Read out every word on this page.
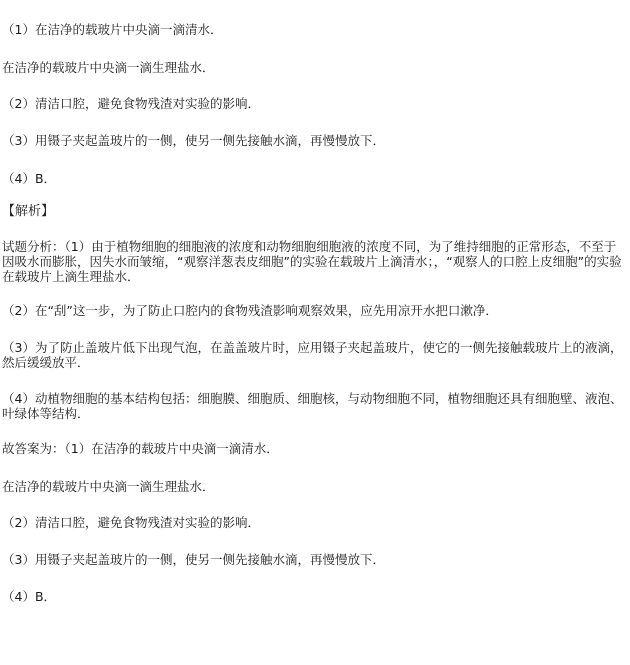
（1）在洁净的载玻片中央滴一滴清水．
在洁净的载玻片中央滴一滴生理盐水．
（2）清洁口腔，避免食物残渣对实验的影响．
（3）用镊子夹起盖玻片的一侧，使另一侧先接触水滴，再慢慢放下．
（4）B．
【解析】
试题分析：（1）由于植物细胞的细胞液的浓度和动物细胞细胞液的浓度不同，为了维持细胞的正常形态，不至于因吸水而膨胀，因失水而皱缩，“观察洋葱表皮细胞”的实验在载玻片上滴清水；，“观察人的口腔上皮细胞”的实验在载玻片上滴生理盐水．
（2）在“刮”这一步，为了防止口腔内的食物残渣影响观察效果，应先用凉开水把口漱净．
（3）为了防止盖玻片低下出现气泡，在盖盖玻片时，应用镊子夹起盖玻片，使它的一侧先接触载玻片上的液滴，然后缓缓放平．
（4）动植物细胞的基本结构包括：细胞膜、细胞质、细胞核，与动物细胞不同，植物细胞还具有细胞壁、液泡、叶绿体等结构．
故答案为：（1）在洁净的载玻片中央滴一滴清水．
在洁净的载玻片中央滴一滴生理盐水．
（2）清洁口腔，避免食物残渣对实验的影响．
（3）用镊子夹起盖玻片的一侧，使另一侧先接触水滴，再慢慢放下．
（4）B．
